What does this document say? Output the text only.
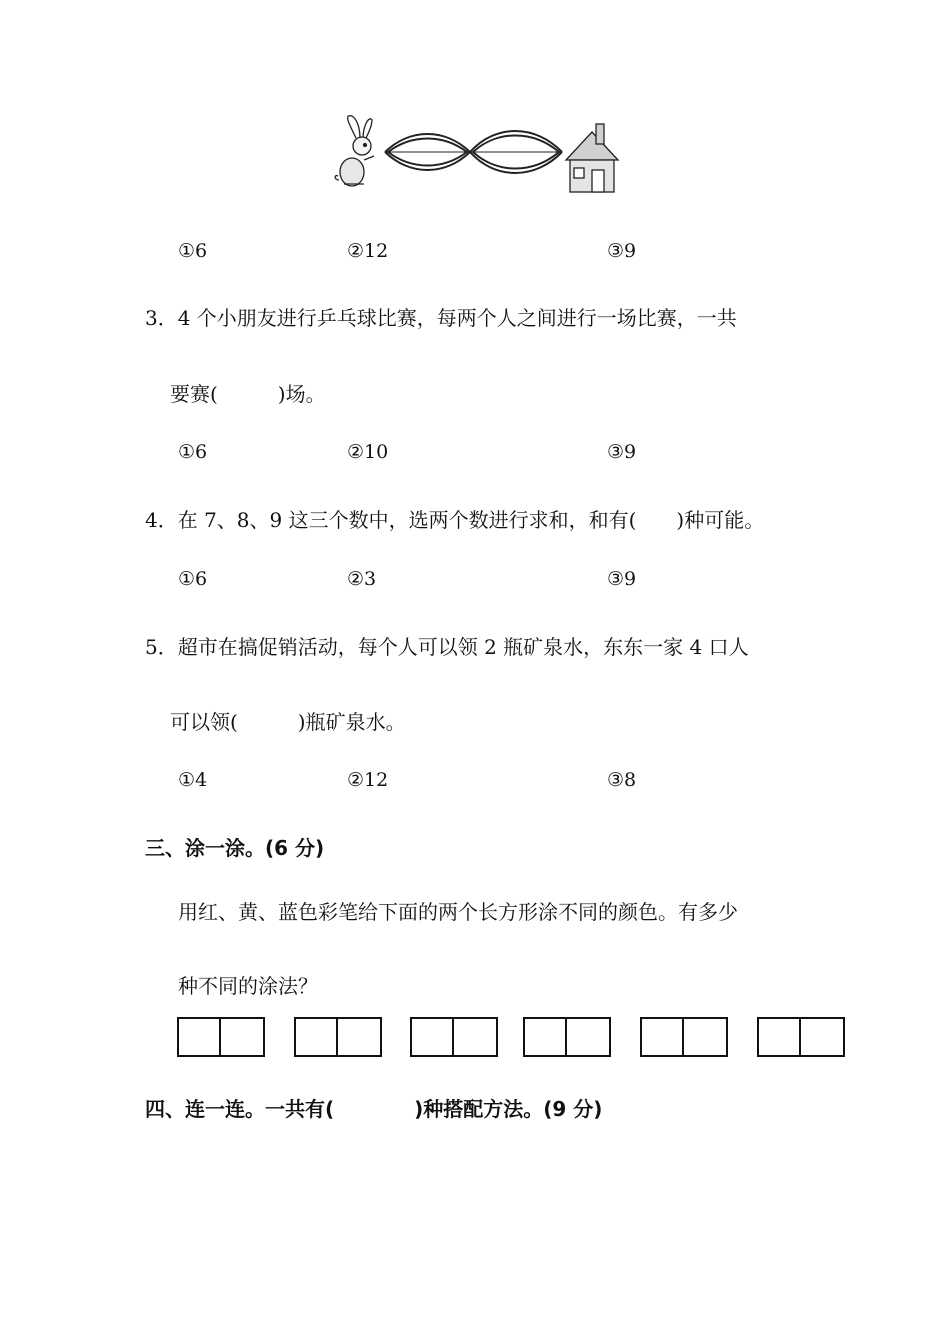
①6	②12	③9
3．4 个小朋友进行乒乓球比赛，每两个人之间进行一场比赛，一共
要赛(　　　)场。
①6	②10	③9
4．在 7、8、9 这三个数中，选两个数进行求和，和有(　　)种可能。
①6	②3	③9
5．超市在搞促销活动，每个人可以领 2 瓶矿泉水，东东一家 4 口人
可以领(　　　)瓶矿泉水。
①4	②12	③8
三、涂一涂。(6 分)
用红、黄、蓝色彩笔给下面的两个长方形涂不同的颜色。有多少
种不同的涂法？
四、连一连。一共有(　　　　)种搭配方法。(9 分)
